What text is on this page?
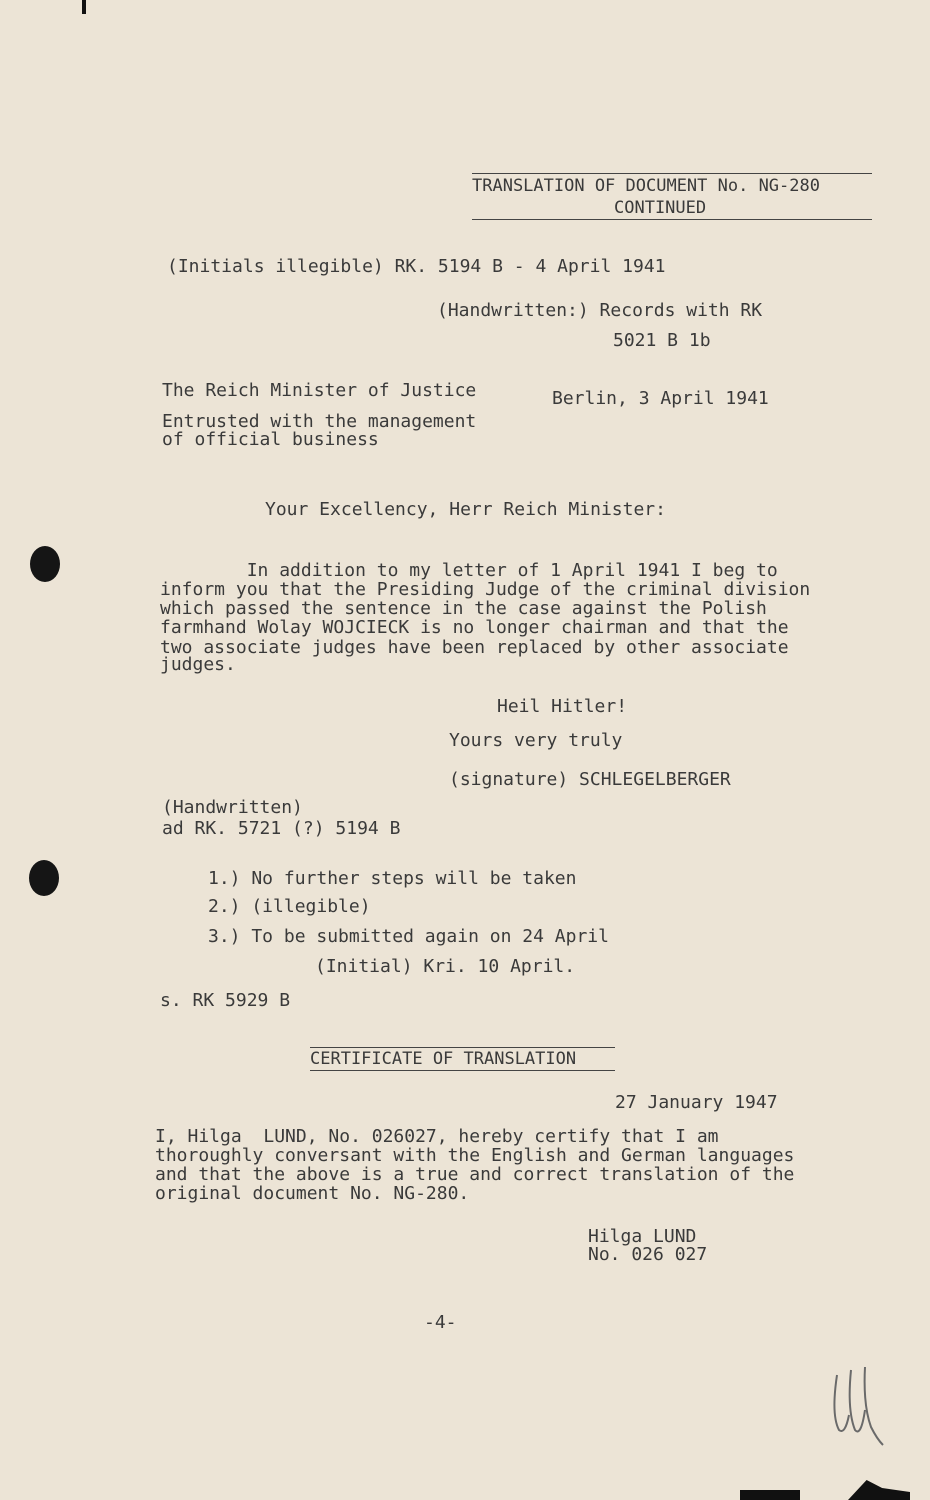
TRANSLATION OF DOCUMENT No. NG-280
CONTINUED
(Initials illegible) RK. 5194 B - 4 April 1941
(Handwritten:) Records with RK
5021 B 1b
The Reich Minister of Justice	Berlin, 3 April 1941
Entrusted with the management
of official business
Your Excellency, Herr Reich Minister:
In addition to my letter of 1 April 1941 I beg to
inform you that the Presiding Judge of the criminal division
which passed the sentence in the case against the Polish
farmhand Wolay WOJCIECK is no longer chairman and that the
two associate judges have been replaced by other associate
judges.
Heil Hitler!
Yours very truly
(signature) SCHLEGELBERGER
(Handwritten)
ad RK. 5721 (?) 5194 B
1.) No further steps will be taken
2.) (illegible)
3.) To be submitted again on 24 April
(Initial) Kri. 10 April.
s. RK 5929 B
CERTIFICATE OF TRANSLATION
27 January 1947
I, Hilga  LUND, No. 026027, hereby certify that I am
thoroughly conversant with the English and German languages
and that the above is a true and correct translation of the
original document No. NG-280.
Hilga LUND
No. 026 027
-4-
